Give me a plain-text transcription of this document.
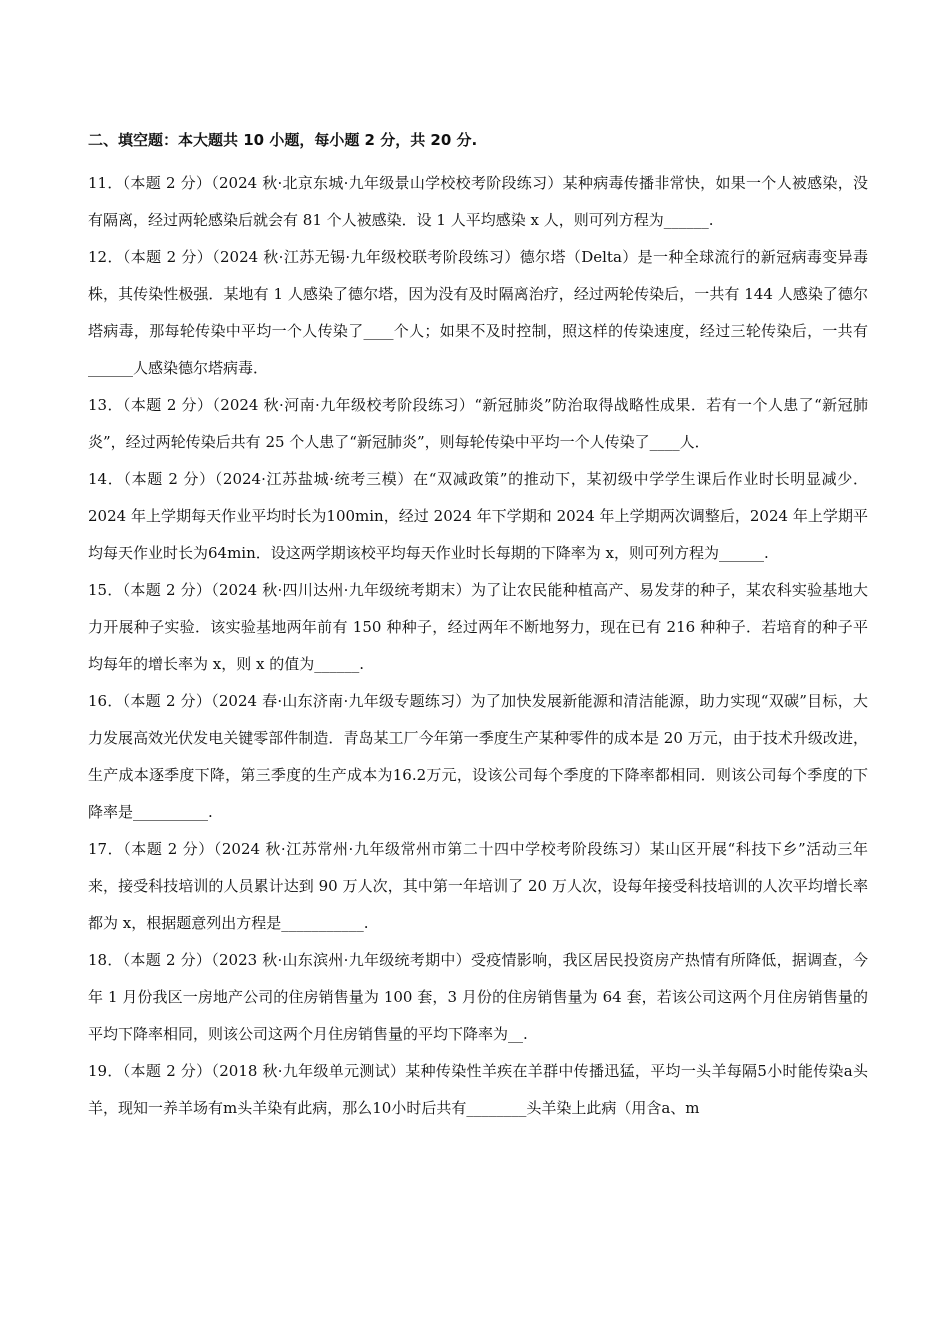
二、填空题：本大题共 10 小题，每小题 2 分，共 20 分.
11．（本题 2 分）（2024 秋·北京东城·九年级景山学校校考阶段练习）某种病毒传播非常快，如果一个人被感染，没有隔离，经过两轮感染后就会有 81 个人被感染．设 1 人平均感染 x 人，则可列方程为______.
12．（本题 2 分）（2024 秋·江苏无锡·九年级校联考阶段练习）德尔塔（Delta）是一种全球流行的新冠病毒变异毒株，其传染性极强．某地有 1 人感染了德尔塔，因为没有及时隔离治疗，经过两轮传染后，一共有 144 人感染了德尔塔病毒，那每轮传染中平均一个人传染了____个人；如果不及时控制，照这样的传染速度，经过三轮传染后，一共有______人感染德尔塔病毒．
13．（本题 2 分）（2024 秋·河南·九年级校考阶段练习）“新冠肺炎”防治取得战略性成果．若有一个人患了“新冠肺炎”，经过两轮传染后共有 25 个人患了“新冠肺炎”，则每轮传染中平均一个人传染了____人．
14．（本题 2 分）（2024·江苏盐城·统考三模）在“双减政策”的推动下，某初级中学学生课后作业时长明显减少．2024 年上学期每天作业平均时长为100min，经过 2024 年下学期和 2024 年上学期两次调整后，2024 年上学期平均每天作业时长为64min．设这两学期该校平均每天作业时长每期的下降率为 x，则可列方程为______.
15．（本题 2 分）（2024 秋·四川达州·九年级统考期末）为了让农民能种植高产、易发芽的种子，某农科实验基地大力开展种子实验．该实验基地两年前有 150 种种子，经过两年不断地努力，现在已有 216 种种子．若培育的种子平均每年的增长率为 x，则 x 的值为______.
16．（本题 2 分）（2024 春·山东济南·九年级专题练习）为了加快发展新能源和清洁能源，助力实现“双碳”目标，大力发展高效光伏发电关键零部件制造．青岛某工厂今年第一季度生产某种零件的成本是 20 万元，由于技术升级改进，生产成本逐季度下降，第三季度的生产成本为16.2万元，设该公司每个季度的下降率都相同．则该公司每个季度的下降率是__________.
17．（本题 2 分）（2024 秋·江苏常州·九年级常州市第二十四中学校考阶段练习）某山区开展“科技下乡”活动三年来，接受科技培训的人员累计达到 90 万人次，其中第一年培训了 20 万人次，设每年接受科技培训的人次平均增长率都为 x，根据题意列出方程是___________.
18．（本题 2 分）（2023 秋·山东滨州·九年级统考期中）受疫情影响，我区居民投资房产热情有所降低，据调查，今年 1 月份我区一房地产公司的住房销售量为 100 套，3 月份的住房销售量为 64 套，若该公司这两个月住房销售量的平均下降率相同，则该公司这两个月住房销售量的平均下降率为__.
19．（本题 2 分）（2018 秋·九年级单元测试）某种传染性羊疾在羊群中传播迅猛，平均一头羊每隔5小时能传染a头羊，现知一养羊场有m头羊染有此病，那么10小时后共有________头羊染上此病（用含a、m
